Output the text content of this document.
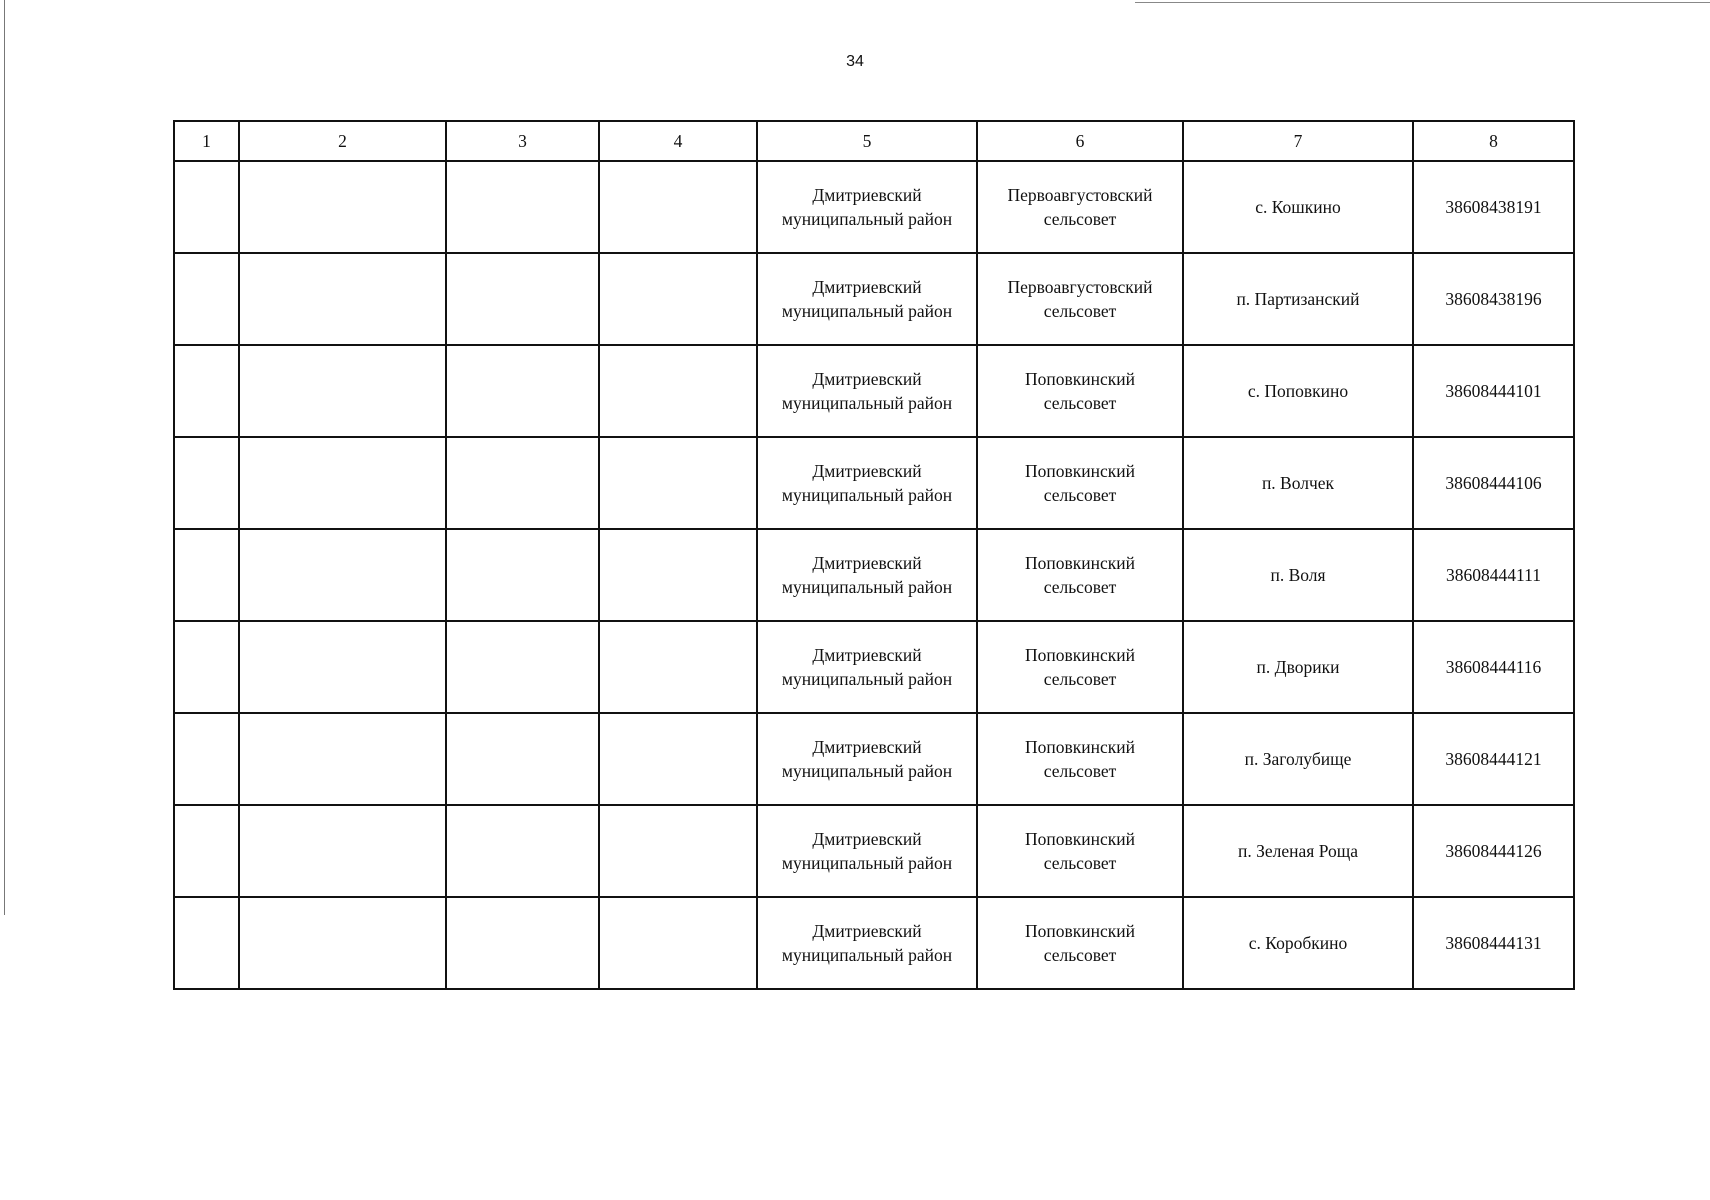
34
1	2	3	4	5	6	7	8

				Дмитриевский
муниципальный район	Первоавгустовский
сельсовет	с. Кошкино	38608438191

				Дмитриевский
муниципальный район	Первоавгустовский
сельсовет	п. Партизанский	38608438196

				Дмитриевский
муниципальный район	Поповкинский
сельсовет	с. Поповкино	38608444101

				Дмитриевский
муниципальный район	Поповкинский
сельсовет	п. Волчек	38608444106

				Дмитриевский
муниципальный район	Поповкинский
сельсовет	п. Воля	38608444111

				Дмитриевский
муниципальный район	Поповкинский
сельсовет	п. Дворики	38608444116

				Дмитриевский
муниципальный район	Поповкинский
сельсовет	п. Заголубище	38608444121

				Дмитриевский
муниципальный район	Поповкинский
сельсовет	п. Зеленая Роща	38608444126

				Дмитриевский
муниципальный район	Поповкинский
сельсовет	с. Коробкино	38608444131
